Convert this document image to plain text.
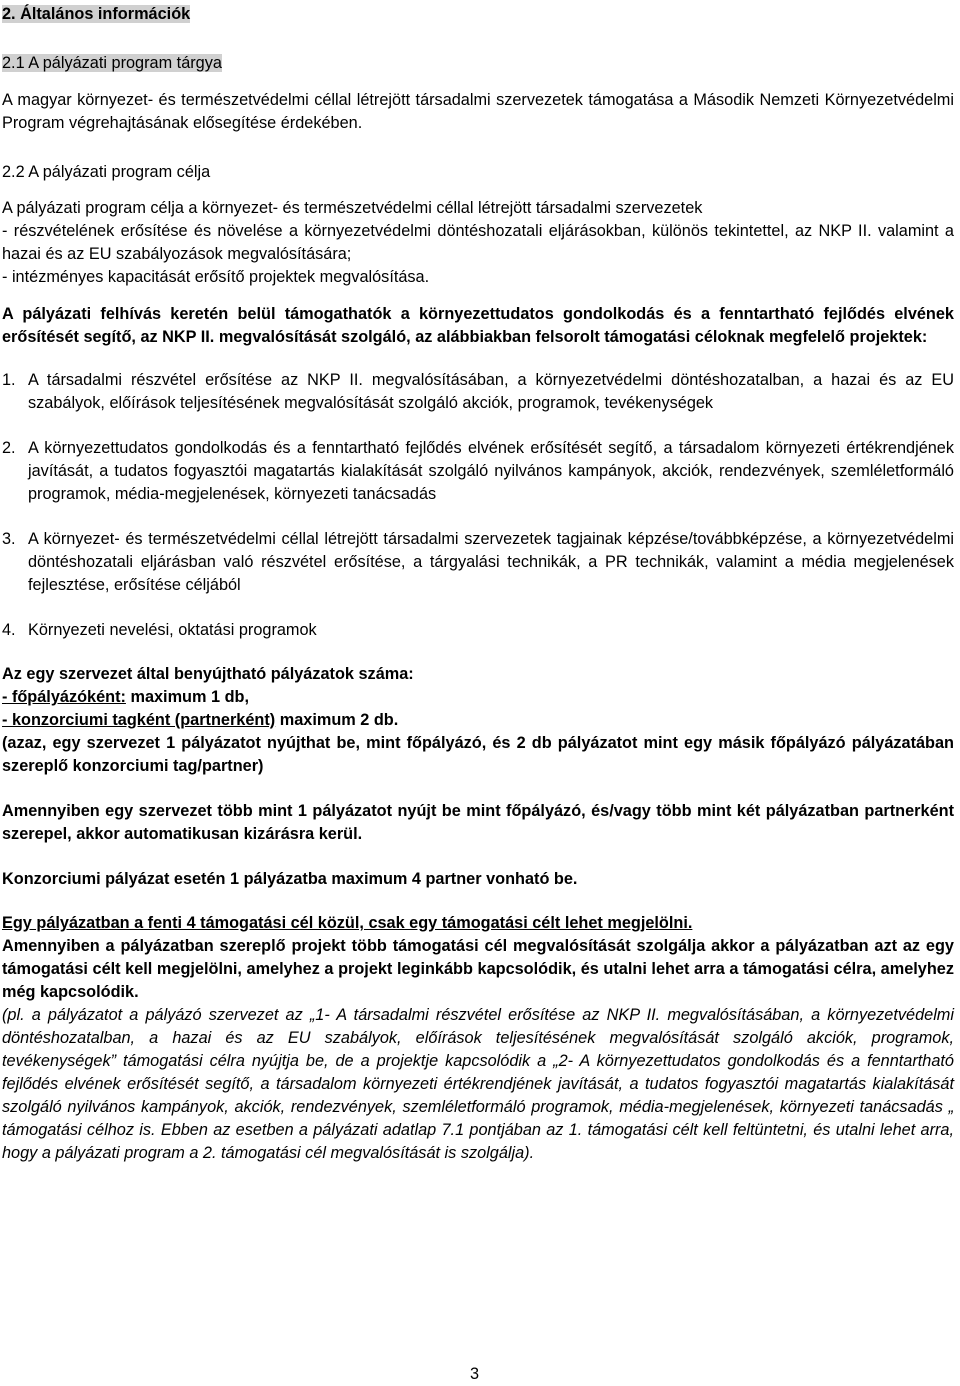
2. Általános információk
2.1 A pályázati program tárgya

A magyar környezet- és természetvédelmi céllal létrejött társadalmi szervezetek támogatása a Második Nemzeti Környezetvédelmi Program végrehajtásának elősegítése érdekében.

2.2 A pályázati program célja

A pályázati program célja a környezet- és természetvédelmi céllal létrejött társadalmi szervezetek

- részvételének erősítése és növelése a környezetvédelmi döntéshozatali eljárásokban, különös tekintettel, az NKP II. valamint a hazai és az EU szabályozások megvalósítására;

- intézményes kapacitását erősítő projektek megvalósítása.

A pályázati felhívás keretén belül támogathatók a környezettudatos gondolkodás és a fenntartható fejlődés elvének erősítését segítő, az NKP II. megvalósítását szolgáló, az alábbiakban felsorolt támogatási céloknak megfelelő projektek:

1. A társadalmi részvétel erősítése az NKP II. megvalósításában, a környezetvédelmi döntéshozatalban, a hazai és az EU szabályok, előírások teljesítésének megvalósítását szolgáló akciók, programok, tevékenységek
2. A környezettudatos gondolkodás és a fenntartható fejlődés elvének erősítését segítő, a társadalom környezeti értékrendjének javítását, a tudatos fogyasztói magatartás kialakítását szolgáló nyilvános kampányok, akciók, rendezvények, szemléletformáló programok, média-megjelenések, környezeti tanácsadás
3. A környezet- és természetvédelmi céllal létrejött társadalmi szervezetek tagjainak képzése/továbbképzése, a környezetvédelmi döntéshozatali eljárásban való részvétel erősítése, a tárgyalási technikák, a PR technikák, valamint a média megjelenések fejlesztése, erősítése céljából
4. Környezeti nevelési, oktatási programok

Az egy szervezet által benyújtható pályázatok száma:

- főpályázóként: maximum 1 db,

- konzorciumi tagként (partnerként) maximum 2 db.

(azaz, egy szervezet 1 pályázatot nyújthat be, mint főpályázó, és 2 db pályázatot mint egy másik főpályázó pályázatában szereplő konzorciumi tag/partner)

Amennyiben egy szervezet több mint 1 pályázatot nyújt be mint főpályázó, és/vagy több mint két pályázatban partnerként szerepel, akkor automatikusan kizárásra kerül.

Konzorciumi pályázat esetén 1 pályázatba maximum 4 partner vonható be.

Egy pályázatban a fenti 4 támogatási cél közül, csak egy támogatási célt lehet megjelölni.

Amennyiben a pályázatban szereplő projekt több támogatási cél megvalósítását szolgálja akkor a pályázatban azt az egy támogatási célt kell megjelölni, amelyhez a projekt leginkább kapcsolódik, és utalni lehet arra a támogatási célra, amelyhez még kapcsolódik.

(pl. a pályázatot a pályázó szervezet az „1- A társadalmi részvétel erősítése az NKP II. megvalósításában, a környezetvédelmi döntéshozatalban, a hazai és az EU szabályok, előírások teljesítésének megvalósítását szolgáló akciók, programok, tevékenységek” támogatási célra nyújtja be, de a projektje kapcsolódik a „2- A környezettudatos gondolkodás és a fenntartható fejlődés elvének erősítését segítő, a társadalom környezeti értékrendjének javítását, a tudatos fogyasztói magatartás kialakítását szolgáló nyilvános kampányok, akciók, rendezvények, szemléletformáló programok, média-megjelenések, környezeti tanácsadás „ támogatási célhoz is. Ebben az esetben a pályázati adatlap 7.1 pontjában az 1. támogatási célt kell feltüntetni, és utalni lehet arra, hogy a pályázati program a 2. támogatási cél megvalósítását is szolgálja).

3
